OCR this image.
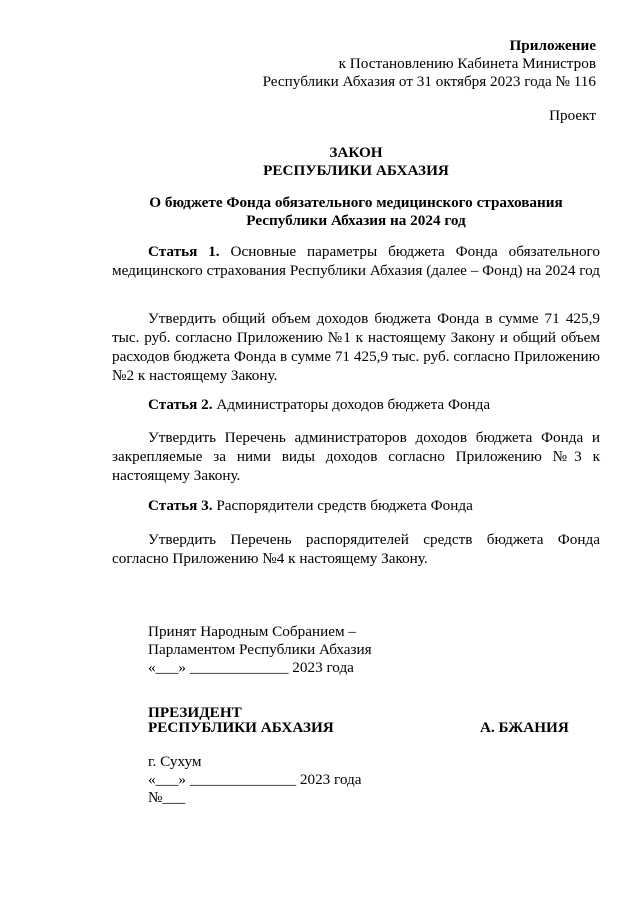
Приложение
к Постановлению Кабинета Министров
Республики Абхазия от 31 октября 2023 года № 116
Проект
ЗАКОН
РЕСПУБЛИКИ АБХАЗИЯ
О бюджете Фонда обязательного медицинского страхования
Республики Абхазия на 2024 год
Статья 1. Основные параметры бюджета Фонда обязательного медицинского страхования Республики Абхазия (далее – Фонд) на 2024 год
Утвердить общий объем доходов бюджета Фонда в сумме 71 425,9 тыс. руб. согласно Приложению №1 к настоящему Закону и общий объем расходов бюджета Фонда в сумме 71 425,9 тыс. руб. согласно Приложению №2 к настоящему Закону.
Статья 2. Администраторы доходов бюджета Фонда
Утвердить Перечень администраторов доходов бюджета Фонда и закрепляемые за ними виды доходов согласно Приложению №3 к настоящему Закону.
Статья 3. Распорядители средств бюджета Фонда
Утвердить Перечень распорядителей средств бюджета Фонда согласно Приложению №4 к настоящему Закону.
Принят Народным Собранием –
Парламентом Республики Абхазия
«___» _____________ 2023 года
ПРЕЗИДЕНТ
РЕСПУБЛИКИ АБХАЗИЯ	А. БЖАНИЯ
г. Сухум
«___» ______________ 2023 года
№___
